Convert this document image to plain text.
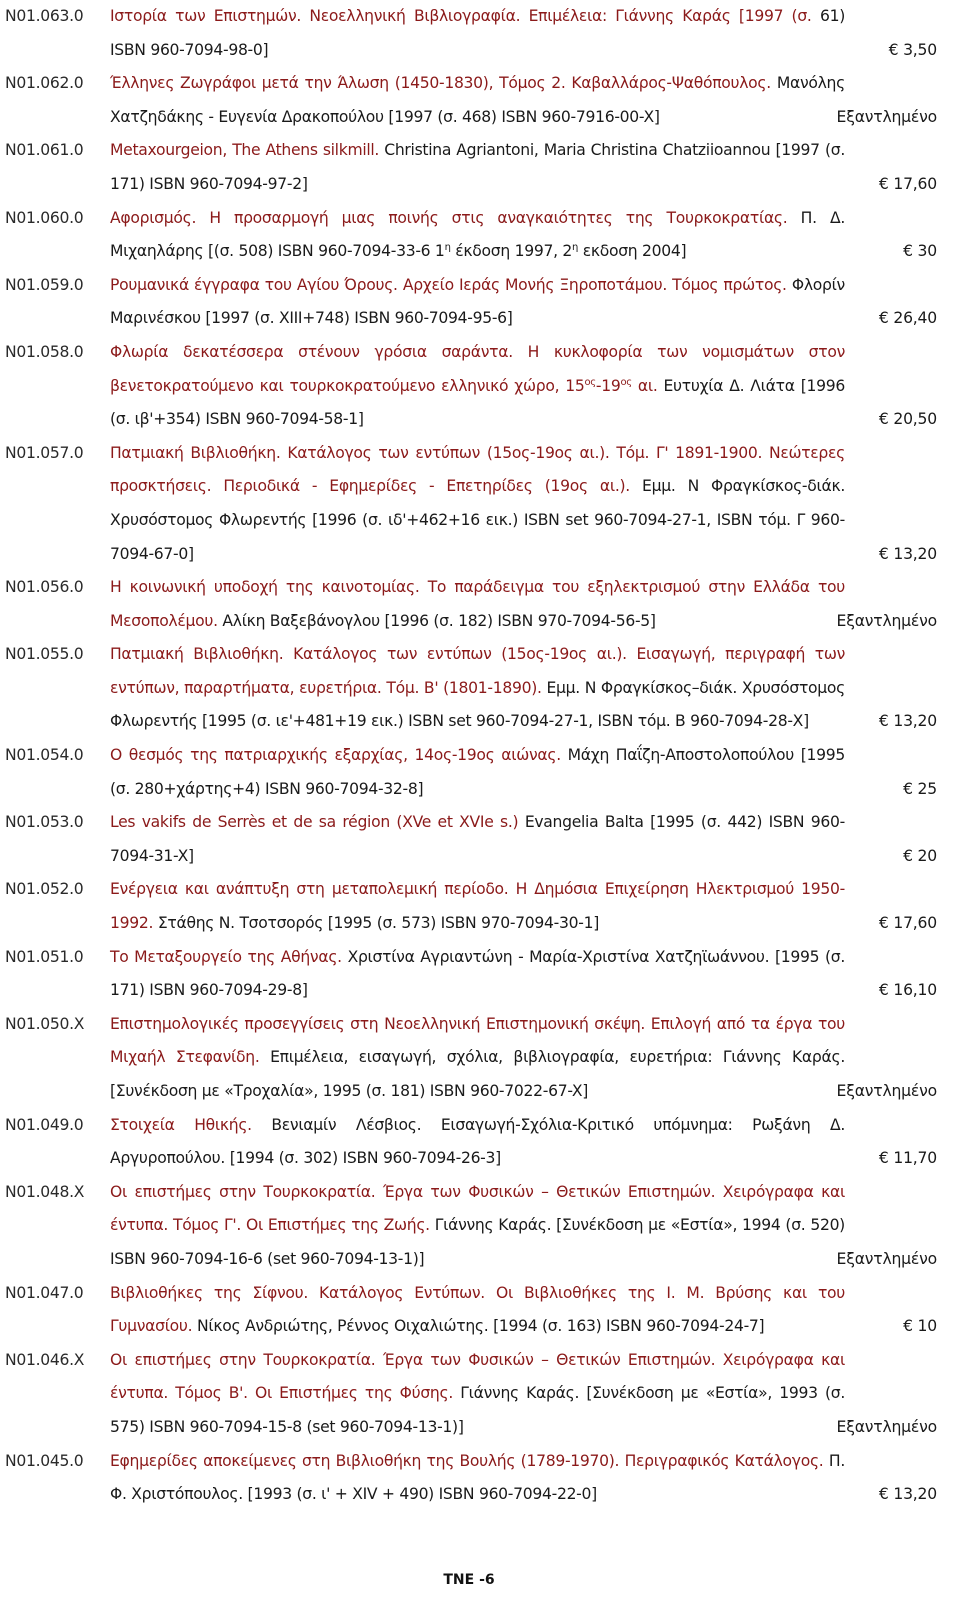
N01.063.0	Ιστορία των Επιστημών. Νεοελληνική Βιβλιογραφία. Επιμέλεια: Γιάννης Καράς [1997 (σ. 61) ISBN 960-7094-98-0]	€ 3,50
N01.062.0	Έλληνες Ζωγράφοι μετά την Άλωση (1450-1830), Τόμος 2. Καβαλλάρος-Ψαθόπουλος. Μανόλης Χατζηδάκης - Ευγενία Δρακοπούλου [1997 (σ. 468) ISBN 960-7916-00-X]	Εξαντλημένο
N01.061.0	Metaxourgeion, The Athens silkmill. Christina Agriantoni, Maria Christina Chatziioannou [1997 (σ. 171) ISBN 960-7094-97-2]	€ 17,60
N01.060.0	Αφορισμός. Η προσαρμογή μιας ποινής στις αναγκαιότητες της Τουρκοκρατίας. Π. Δ. Μιχαηλάρης [(σ. 508) ISBN 960-7094-33-6 $1^\eta$ έκδοση 1997, $2^\eta$ εκδοση 2004]	€ 30
N01.059.0	Ρουμανικά έγγραφα του Αγίου Όρους. Αρχείο Ιεράς Μονής Ξηροποτάμου. Τόμος πρώτος. Φλορίν Μαρινέσκου [1997 (σ. XIII+748) ISBN 960-7094-95-6]	€ 26,40
N01.058.0	Φλωρία δεκατέσσερα στένουν γρόσια σαράντα. Η κυκλοφορία των νομισμάτων στον βενετοκρατούμενο και τουρκοκρατούμενο ελληνικό χώρο, $15^{o\varsigma}-19^{o\varsigma}$ αι. Ευτυχία Δ. Λιάτα [1996 (σ. ιβ'+354) ISBN 960-7094-58-1]	€ 20,50
N01.057.0	Πατμιακή Βιβλιοθήκη. Κατάλογος των εντύπων (15ος-19ος αι.). Τόμ. Γ' 1891-1900. Νεώτερες προσκτήσεις. Περιοδικά - Εφημερίδες - Επετηρίδες (19ος αι.). Εμμ. Ν Φραγκίσκος-διάκ. Χρυσόστομος Φλωρεντής [1996 (σ. ιδ'+462+16 εικ.) ISBN set 960-7094-27-1, ISBN τόμ. Γ 960-7094-67-0]	€ 13,20
N01.056.0	Η κοινωνική υποδοχή της καινοτομίας. Το παράδειγμα του εξηλεκτρισμού στην Ελλάδα του Μεσοπολέμου. Αλίκη Βαξεβάνογλου [1996 (σ. 182) ISBN 970-7094-56-5]	Εξαντλημένο
N01.055.0	Πατμιακή Βιβλιοθήκη. Κατάλογος των εντύπων (15ος-19ος αι.). Εισαγωγή, περιγραφή των εντύπων, παραρτήματα, ευρετήρια. Τόμ. Β' (1801-1890). Εμμ. Ν Φραγκίσκος–διάκ. Χρυσόστομος Φλωρεντής [1995 (σ. ιε'+481+19 εικ.) ISBN set 960-7094-27-1, ISBN τόμ. Β 960-7094-28-X]	€ 13,20
N01.054.0	Ο θεσμός της πατριαρχικής εξαρχίας, 14ος-19ος αιώνας. Μάχη Παΐζη-Αποστολοπούλου [1995 (σ. 280+χάρτης+4) ISBN 960-7094-32-8]	€ 25
N01.053.0	Les vakifs de Serrès et de sa région (XVe et XVIe s.) Evangelia Balta [1995 (σ. 442) ISBN 960-7094-31-X]	€ 20
N01.052.0	Ενέργεια και ανάπτυξη στη μεταπολεμική περίοδο. Η Δημόσια Επιχείρηση Ηλεκτρισμού 1950-1992. Στάθης Ν. Τσοτσορός [1995 (σ. 573) ISBN 970-7094-30-1]	€ 17,60
N01.051.0	Το Μεταξουργείο της Αθήνας. Χριστίνα Αγριαντώνη - Μαρία-Χριστίνα Χατζηϊωάννου. [1995 (σ. 171) ISBN 960-7094-29-8]	€ 16,10
N01.050.X	Επιστημολογικές προσεγγίσεις στη Νεοελληνική Επιστημονική σκέψη. Επιλογή από τα έργα του Μιχαήλ Στεφανίδη. Επιμέλεια, εισαγωγή, σχόλια, βιβλιογραφία, ευρετήρια: Γιάννης Καράς. [Συνέκδοση με «Τροχαλία», 1995 (σ. 181) ISBN 960-7022-67-X]	Εξαντλημένο
N01.049.0	Στοιχεία Ηθικής. Βενιαμίν Λέσβιος. Εισαγωγή-Σχόλια-Κριτικό υπόμνημα: Ρωξάνη Δ. Αργυροπούλου. [1994 (σ. 302) ISBN 960-7094-26-3]	€ 11,70
N01.048.X	Οι επιστήμες στην Τουρκοκρατία. Έργα των Φυσικών – Θετικών Επιστημών. Χειρόγραφα και έντυπα. Τόμος Γ'. Οι Επιστήμες της Ζωής. Γιάννης Καράς. [Συνέκδοση με «Εστία», 1994 (σ. 520) ISBN 960-7094-16-6 (set 960-7094-13-1)]	Εξαντλημένο
N01.047.0	Βιβλιοθήκες της Σίφνου. Κατάλογος Εντύπων. Οι Βιβλιοθήκες της Ι. Μ. Βρύσης και του Γυμνασίου. Νίκος Ανδριώτης, Ρέννος Οιχαλιώτης. [1994 (σ. 163) ISBN 960-7094-24-7]	€ 10
N01.046.X	Οι επιστήμες στην Τουρκοκρατία. Έργα των Φυσικών – Θετικών Επιστημών. Χειρόγραφα και έντυπα. Τόμος Β'. Οι Επιστήμες της Φύσης. Γιάννης Καράς. [Συνέκδοση με «Εστία», 1993 (σ. 575) ISBN 960-7094-15-8 (set 960-7094-13-1)]	Εξαντλημένο
N01.045.0	Εφημερίδες αποκείμενες στη Βιβλιοθήκη της Βουλής (1789-1970). Περιγραφικός Κατάλογος. Π. Φ. Χριστόπουλος. [1993 (σ. ι' + XIV + 490) ISBN 960-7094-22-0]	€ 13,20
TNE -6
